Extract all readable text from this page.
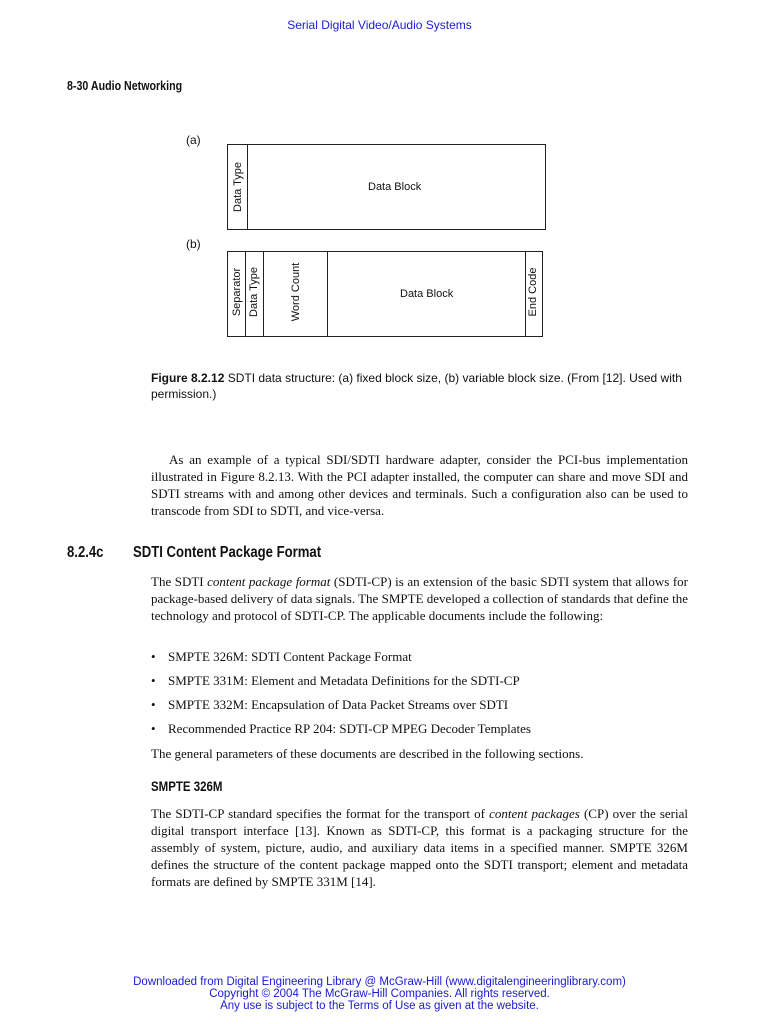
Serial Digital Video/Audio Systems
8-30 Audio Networking
(a)
Data Type	Data Block
(b)
Separator Data Type	Word Count	Data Block	End Code
Figure 8.2.12 SDTI data structure: (a) fixed block size, (b) variable block size. (From [12]. Used with permission.)
As an example of a typical SDI/SDTI hardware adapter, consider the PCI-bus implementation illustrated in Figure 8.2.13. With the PCI adapter installed, the computer can share and move SDI and SDTI streams with and among other devices and terminals. Such a configuration also can be used to transcode from SDI to SDTI, and vice-versa.
8.2.4c SDTI Content Package Format
The SDTI content package format (SDTI-CP) is an extension of the basic SDTI system that allows for package-based delivery of data signals. The SMPTE developed a collection of standards that define the technology and protocol of SDTI-CP. The applicable documents include the following:
• SMPTE 326M: SDTI Content Package Format
• SMPTE 331M: Element and Metadata Definitions for the SDTI-CP
• SMPTE 332M: Encapsulation of Data Packet Streams over SDTI
• Recommended Practice RP 204: SDTI-CP MPEG Decoder Templates
The general parameters of these documents are described in the following sections.
SMPTE 326M
The SDTI-CP standard specifies the format for the transport of content packages (CP) over the serial digital transport interface [13]. Known as SDTI-CP, this format is a packaging structure for the assembly of system, picture, audio, and auxiliary data items in a specified manner. SMPTE 326M defines the structure of the content package mapped onto the SDTI transport; element and metadata formats are defined by SMPTE 331M [14].
Downloaded from Digital Engineering Library @ McGraw-Hill (www.digitalengineeringlibrary.com)
Copyright © 2004 The McGraw-Hill Companies. All rights reserved.
Any use is subject to the Terms of Use as given at the website.
